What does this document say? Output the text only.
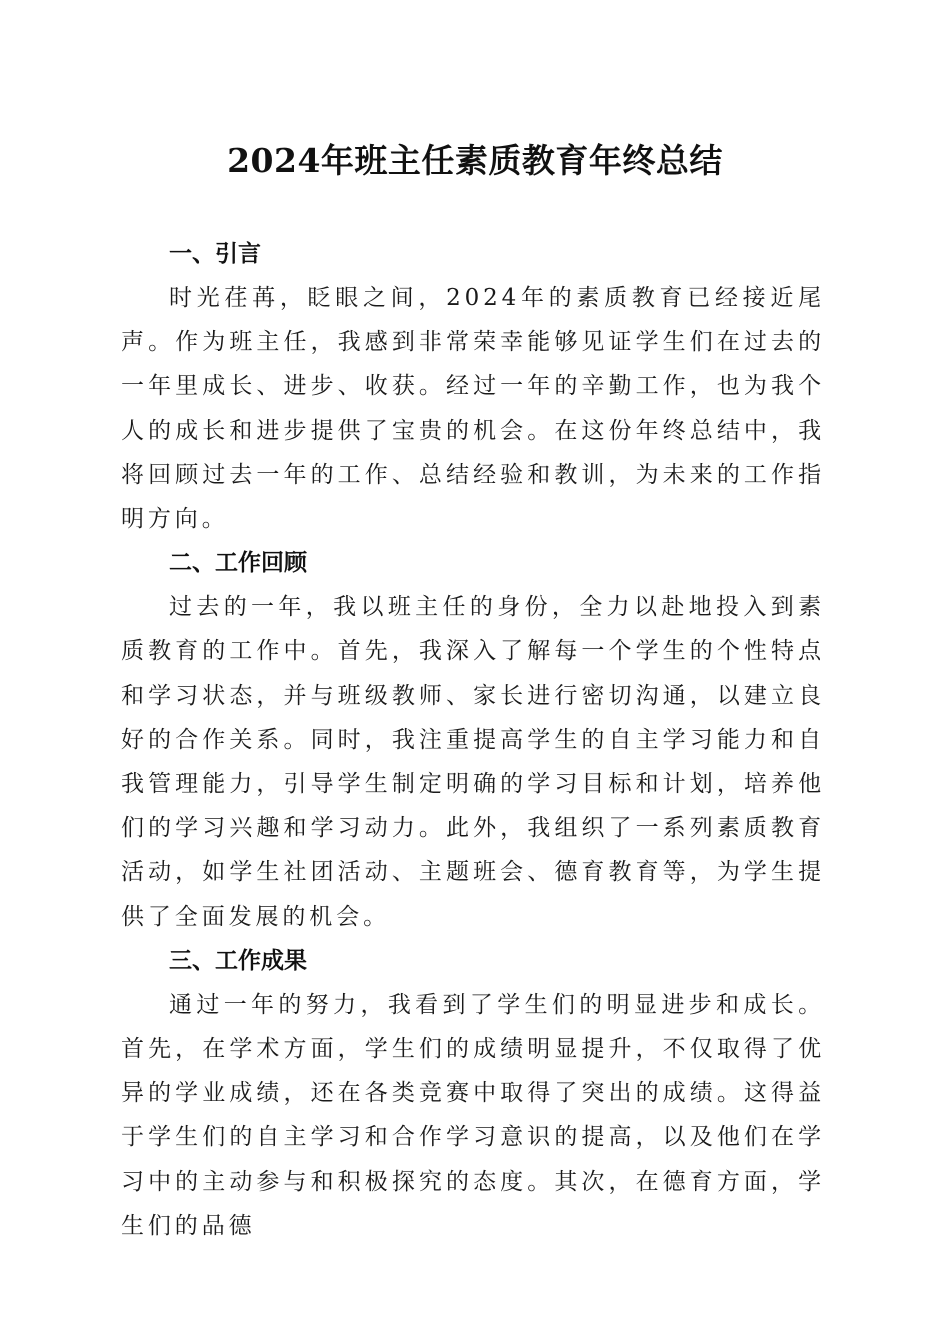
2024年班主任素质教育年终总结
一、引言

时光荏苒，眨眼之间，2024年的素质教育已经接近尾声。作为班主任，我感到非常荣幸能够见证学生们在过去的一年里成长、进步、收获。经过一年的辛勤工作，也为我个人的成长和进步提供了宝贵的机会。在这份年终总结中，我将回顾过去一年的工作、总结经验和教训，为未来的工作指明方向。

二、工作回顾

过去的一年，我以班主任的身份，全力以赴地投入到素质教育的工作中。首先，我深入了解每一个学生的个性特点和学习状态，并与班级教师、家长进行密切沟通，以建立良好的合作关系。同时，我注重提高学生的自主学习能力和自我管理能力，引导学生制定明确的学习目标和计划，培养他们的学习兴趣和学习动力。此外，我组织了一系列素质教育活动，如学生社团活动、主题班会、德育教育等，为学生提供了全面发展的机会。

三、工作成果

通过一年的努力，我看到了学生们的明显进步和成长。首先，在学术方面，学生们的成绩明显提升，不仅取得了优异的学业成绩，还在各类竞赛中取得了突出的成绩。这得益于学生们的自主学习和合作学习意识的提高，以及他们在学习中的主动参与和积极探究的态度。其次，在德育方面，学生们的品德
